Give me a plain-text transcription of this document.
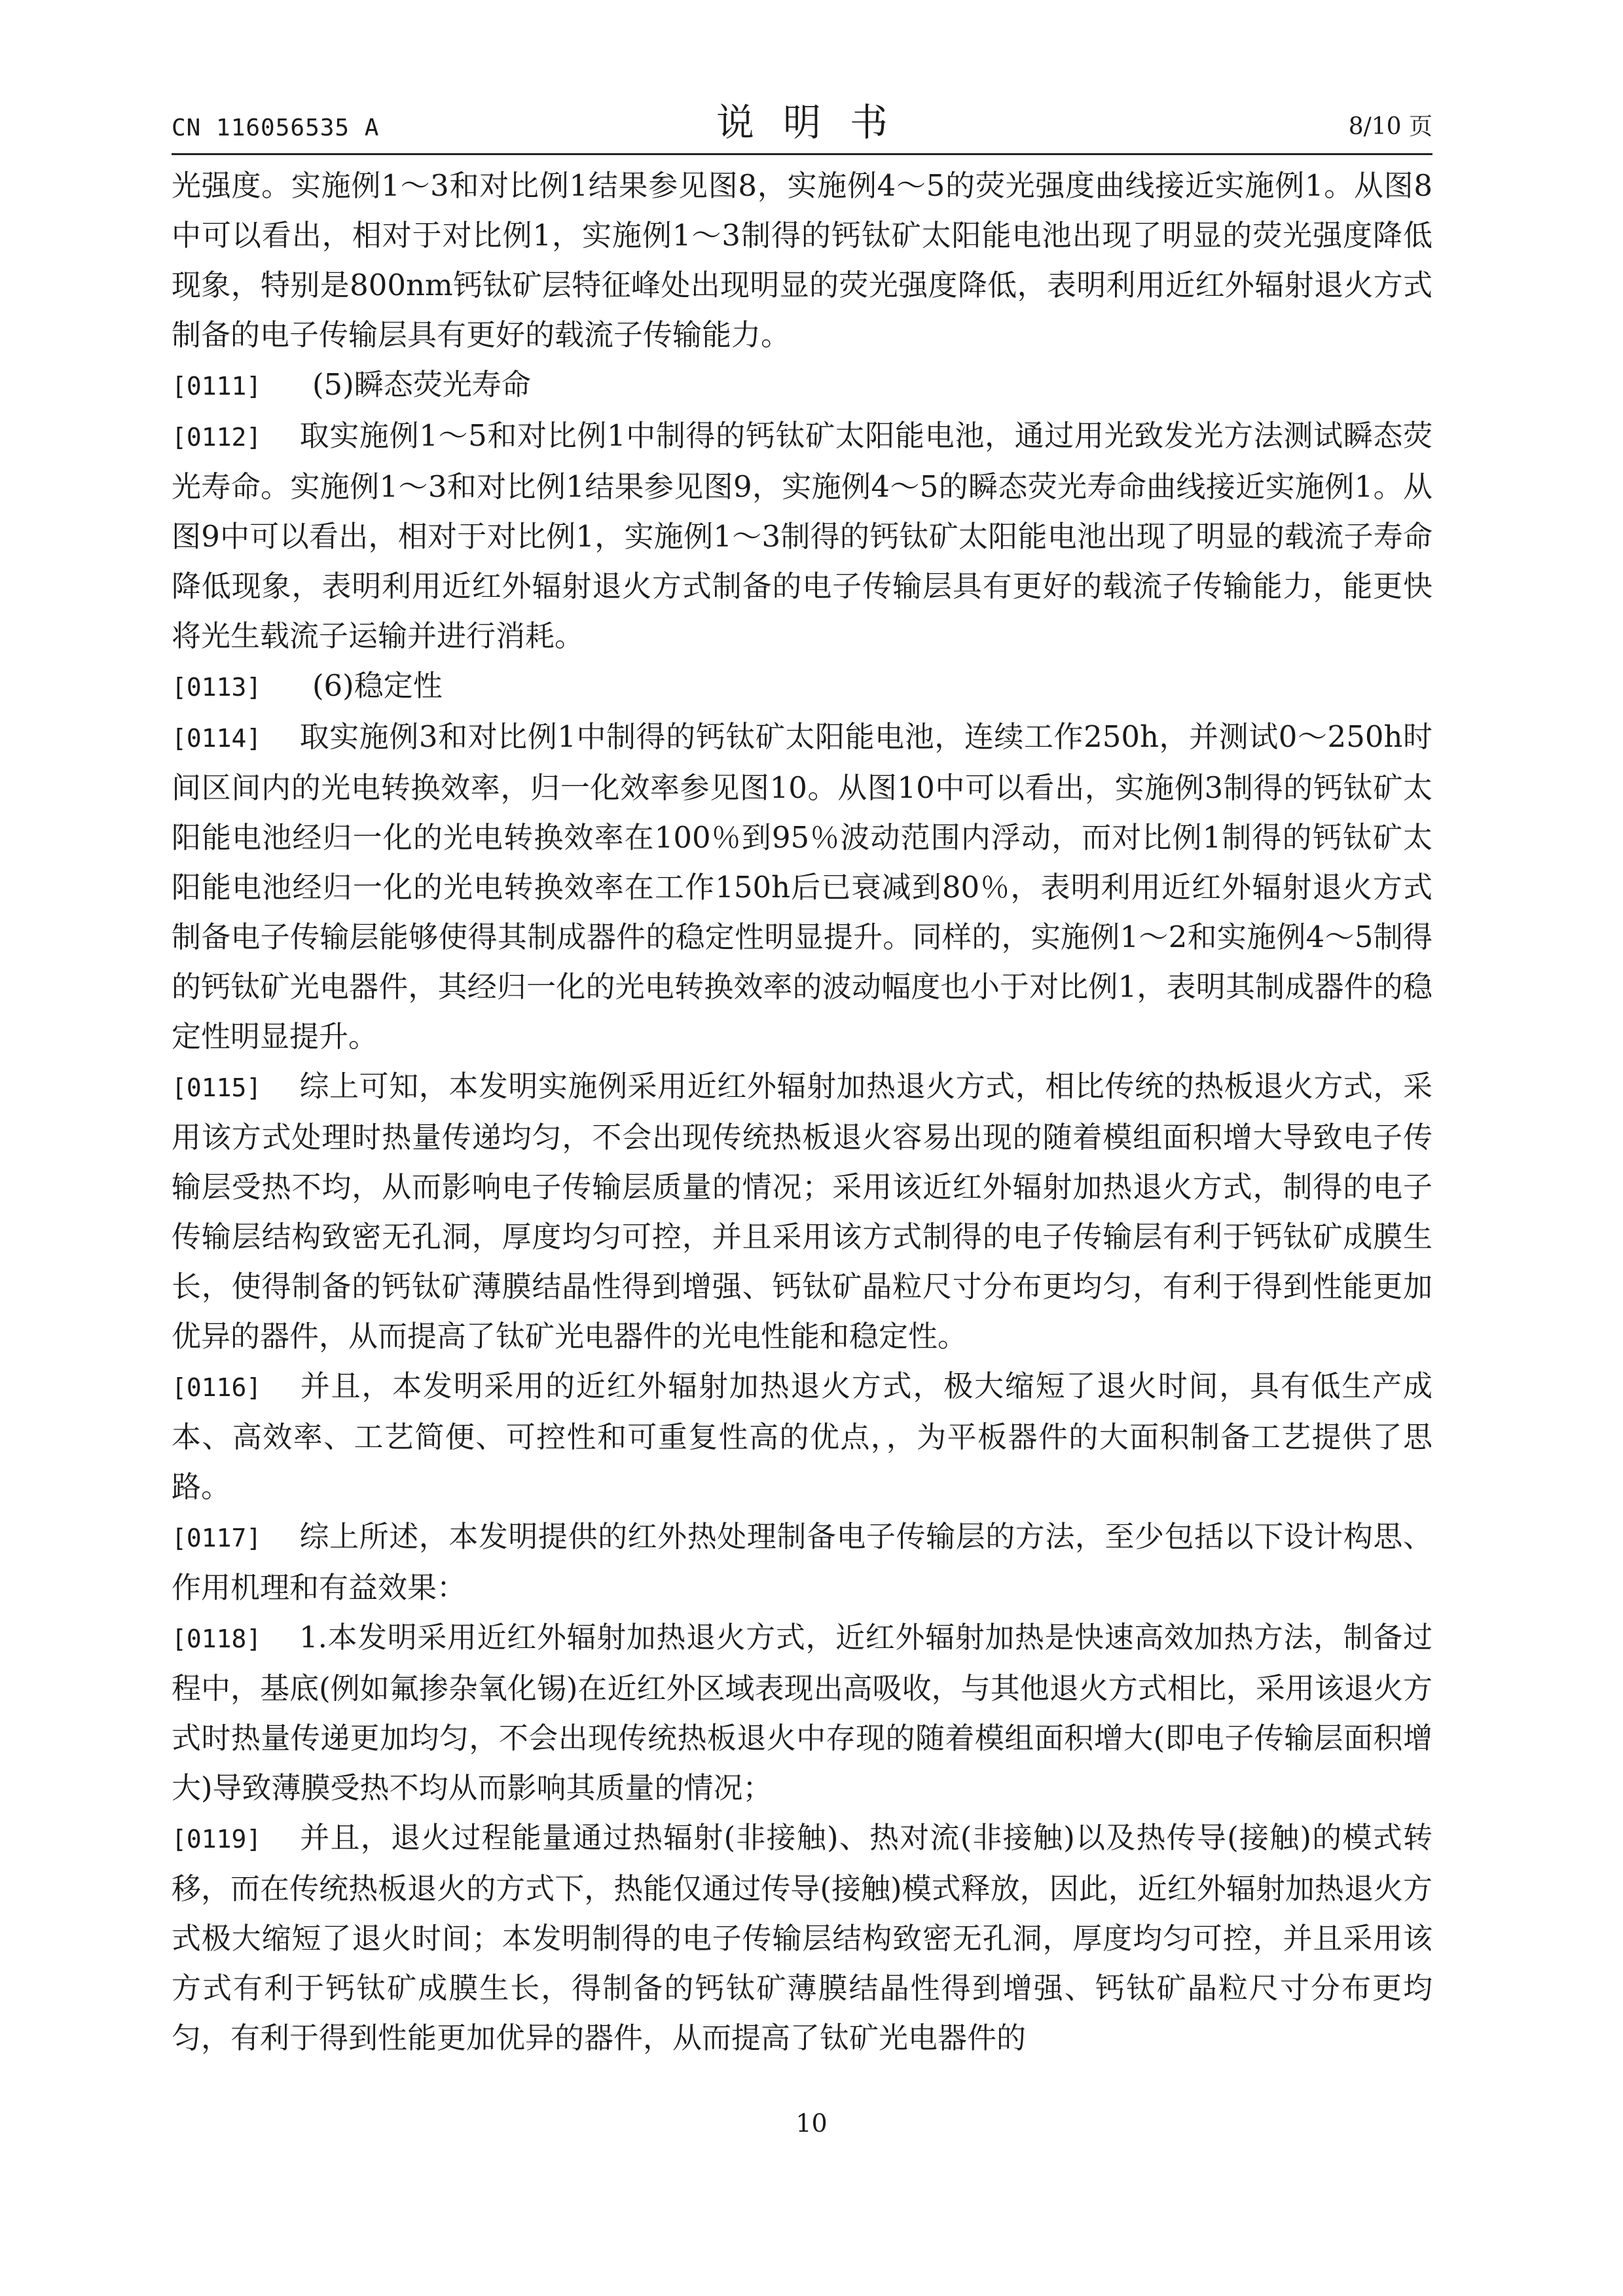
CN 116056535 A	说明书	8/10 页

光强度。实施例1～3和对比例1结果参见图8，实施例4～5的荧光强度曲线接近实施例1。从图8中可以看出，相对于对比例1，实施例1～3制得的钙钛矿太阳能电池出现了明显的荧光强度降低现象，特别是800nm钙钛矿层特征峰处出现明显的荧光强度降低，表明利用近红外辐射退火方式制备的电子传输层具有更好的载流子传输能力。

[0111] (5)瞬态荧光寿命

[0112] 取实施例1～5和对比例1中制得的钙钛矿太阳能电池，通过用光致发光方法测试瞬态荧光寿命。实施例1～3和对比例1结果参见图9，实施例4～5的瞬态荧光寿命曲线接近实施例1。从图9中可以看出，相对于对比例1，实施例1～3制得的钙钛矿太阳能电池出现了明显的载流子寿命降低现象，表明利用近红外辐射退火方式制备的电子传输层具有更好的载流子传输能力，能更快将光生载流子运输并进行消耗。

[0113] (6)稳定性

[0114] 取实施例3和对比例1中制得的钙钛矿太阳能电池，连续工作250h，并测试0～250h时间区间内的光电转换效率，归一化效率参见图10。从图10中可以看出，实施例3制得的钙钛矿太阳能电池经归一化的光电转换效率在100％到95％波动范围内浮动，而对比例1制得的钙钛矿太阳能电池经归一化的光电转换效率在工作150h后已衰减到80％，表明利用近红外辐射退火方式制备电子传输层能够使得其制成器件的稳定性明显提升。同样的，实施例1～2和实施例4～5制得的钙钛矿光电器件，其经归一化的光电转换效率的波动幅度也小于对比例1，表明其制成器件的稳定性明显提升。

[0115] 综上可知，本发明实施例采用近红外辐射加热退火方式，相比传统的热板退火方式，采用该方式处理时热量传递均匀，不会出现传统热板退火容易出现的随着模组面积增大导致电子传输层受热不均，从而影响电子传输层质量的情况；采用该近红外辐射加热退火方式，制得的电子传输层结构致密无孔洞，厚度均匀可控，并且采用该方式制得的电子传输层有利于钙钛矿成膜生长，使得制备的钙钛矿薄膜结晶性得到增强、钙钛矿晶粒尺寸分布更均匀，有利于得到性能更加优异的器件，从而提高了钛矿光电器件的光电性能和稳定性。

[0116] 并且，本发明采用的近红外辐射加热退火方式，极大缩短了退火时间，具有低生产成本、高效率、工艺简便、可控性和可重复性高的优点，，为平板器件的大面积制备工艺提供了思路。

[0117] 综上所述，本发明提供的红外热处理制备电子传输层的方法，至少包括以下设计构思、作用机理和有益效果：

[0118] 1.本发明采用近红外辐射加热退火方式，近红外辐射加热是快速高效加热方法，制备过程中，基底(例如氟掺杂氧化锡)在近红外区域表现出高吸收，与其他退火方式相比，采用该退火方式时热量传递更加均匀，不会出现传统热板退火中存现的随着模组面积增大(即电子传输层面积增大)导致薄膜受热不均从而影响其质量的情况；

[0119] 并且，退火过程能量通过热辐射(非接触)、热对流(非接触)以及热传导(接触)的模式转移，而在传统热板退火的方式下，热能仅通过传导(接触)模式释放，因此，近红外辐射加热退火方式极大缩短了退火时间；本发明制得的电子传输层结构致密无孔洞，厚度均匀可控，并且采用该方式有利于钙钛矿成膜生长，得制备的钙钛矿薄膜结晶性得到增强、钙钛矿晶粒尺寸分布更均匀，有利于得到性能更加优异的器件，从而提高了钛矿光电器件的

10
